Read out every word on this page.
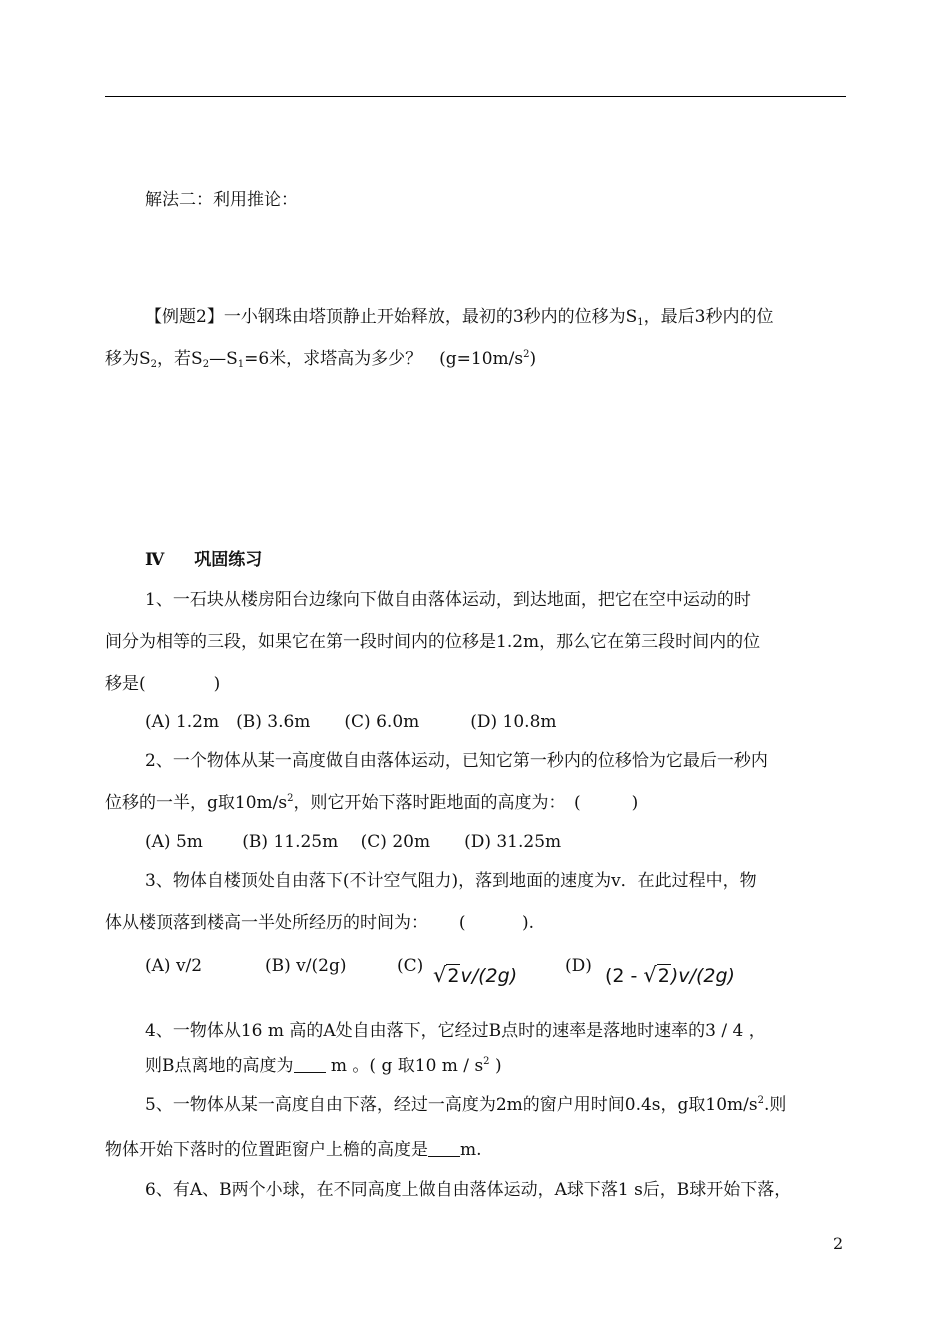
解法二：利用推论：
【例题2】一小钢珠由塔顶静止开始释放，最初的3秒内的位移为$S_1$，最后3秒内的位
移为$S_2$，若$S_2—S_1=6$米，求塔高为多少？　$(g=10m/s^2)$
Ⅳ 巩固练习
1、一石块从楼房阳台边缘向下做自由落体运动，到达地面，把它在空中运动的时
间分为相等的三段，如果它在第一段时间内的位移是1.2m，那么它在第三段时间内的位
移是(　　　　)
(A) 1.2m　(B) 3.6m　　(C) 6.0m　　　(D) 10.8m
2、一个物体从某一高度做自由落体运动，已知它第一秒内的位移恰为它最后一秒内
位移的一半，g取$10m/s^2$，则它开始下落时距地面的高度为：　(　　　)
(A) 5m　　 (B) 11.25m　 (C) 20m　　(D) 31.25m
3、物体自楼顶处自由落下(不计空气阻力)，落到地面的速度为v．在此过程中，物
体从楼顶落到楼高一半处所经历的时间为：　　 (　　　 ).
(A) v/2	(B) v/(2g)	(C) √2v/(2g)	(D) (2 - √2)v/(2g)
4、一物体从16 m 高的A处自由落下，它经过B点时的速率是落地时速率的3 / 4 ，
则B点离地的高度为 m 。( g 取10 m / $s^2$ )
5、一物体从某一高度自由下落，经过一高度为2m的窗户用时间0.4s，g取$10m/s^2$.则
物体开始下落时的位置距窗户上檐的高度是 m.
6、有A、B两个小球，在不同高度上做自由落体运动，A球下落1 s后，B球开始下落，
2
